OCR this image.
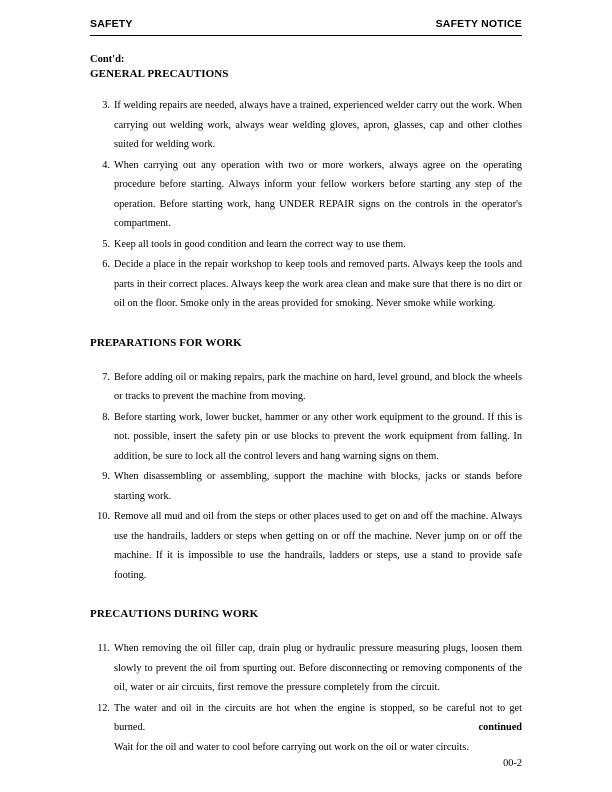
SAFETY	SAFETY NOTICE
Cont'd:
GENERAL PRECAUTIONS
3. If welding repairs are needed, always have a trained, experienced welder carry out the work. When carrying out welding work, always wear welding gloves, apron, glasses, cap and other clothes suited for welding work.

4. When carrying out any operation with two or more workers, always agree on the operating procedure before starting. Always inform your fellow workers before starting any step of the operation. Before starting work, hang UNDER REPAIR signs on the controls in the operator's compartment.

5. Keep all tools in good condition and learn the correct way to use them.

6. Decide a place in the repair workshop to keep tools and removed parts. Always keep the tools and parts in their correct places. Always keep the work area clean and make sure that there is no dirt or oil on the floor. Smoke only in the areas provided for smoking. Never smoke while working.

PREPARATIONS FOR WORK
7. Before adding oil or making repairs, park the machine on hard, level ground, and block the wheels or tracks to prevent the machine from moving.

8. Before starting work, lower bucket, hammer or any other work equipment to the ground. If this is not. possible, insert the safety pin or use blocks to prevent the work equipment from falling. In addition, be sure to lock all the control levers and hang warning signs on them.

9. When disassembling or assembling, support the machine with blocks, jacks or stands before starting work.

10. Remove all mud and oil from the steps or other places used to get on and off the machine. Always use the handrails, ladders or steps when getting on or off the machine. Never jump on or off the machine. If it is impossible to use the handrails, ladders or steps, use a stand to provide safe footing.

PRECAUTIONS DURING WORK
11. When removing the oil filler cap, drain plug or hydraulic pressure measuring plugs, loosen them slowly to prevent the oil from spurting out. Before disconnecting or removing components of the oil, water or air circuits, first remove the pressure completely from the circuit.

12. The water and oil in the circuits are hot when the engine is stopped, so be careful not to get burned.

Wait for the oil and water to cool before carrying out work on the oil or water circuits.

continued
00-2
